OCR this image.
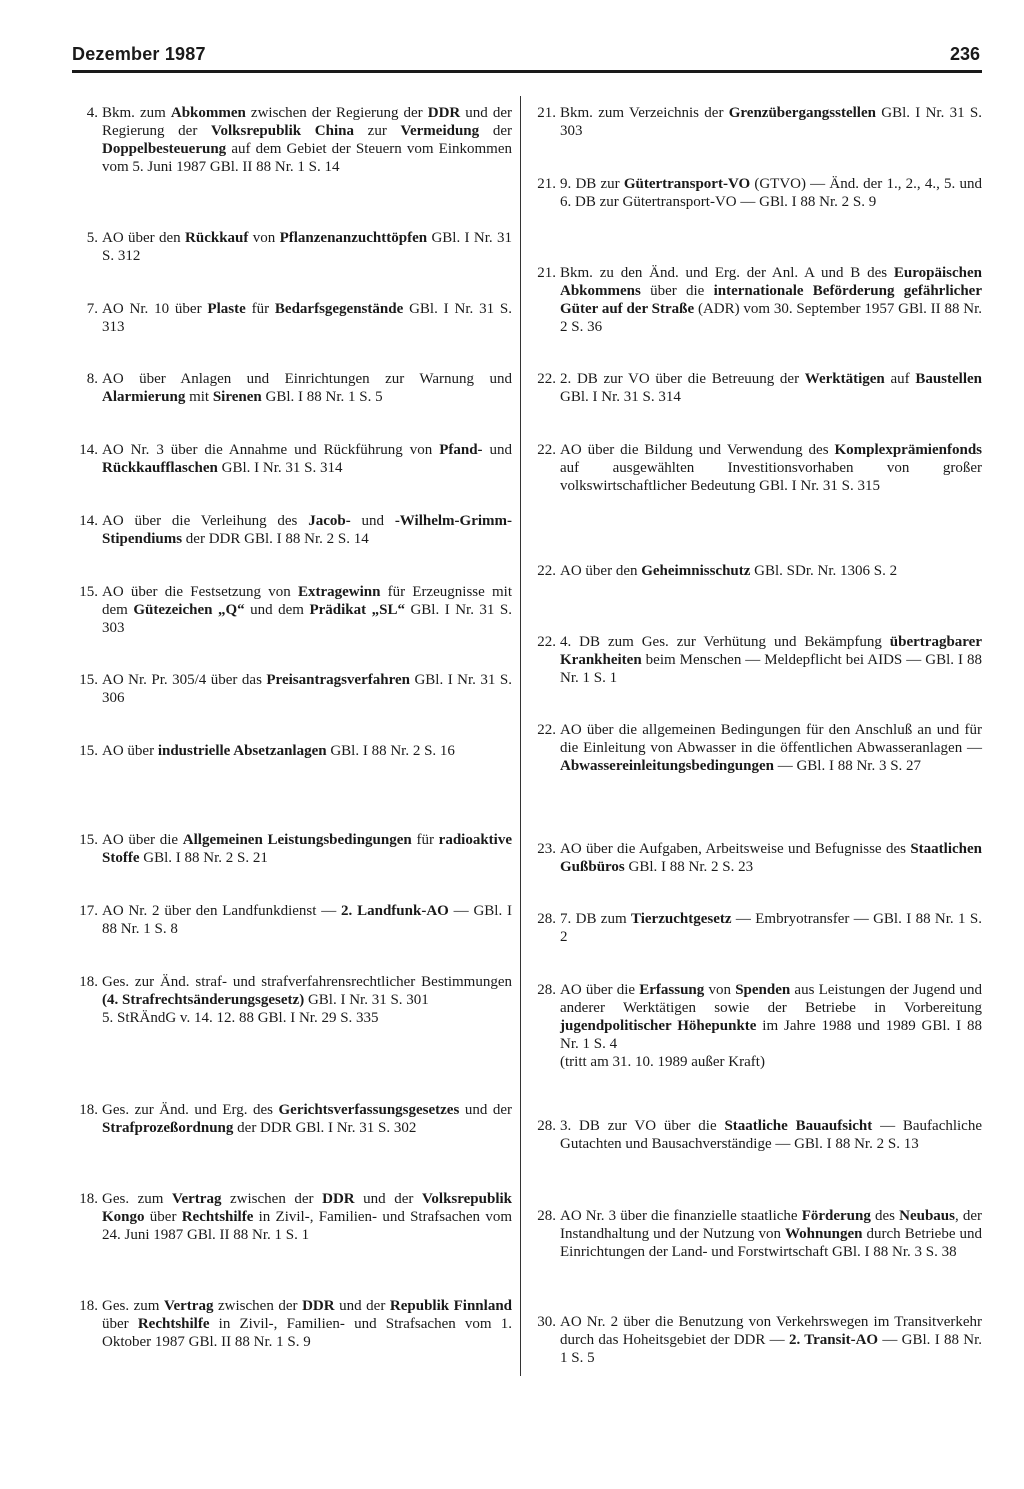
Dezember 1987	236
4. Bkm. zum Abkommen zwischen der Regierung der DDR und der Regierung der Volksrepublik China zur Vermeidung der Doppelbesteuerung auf dem Gebiet der Steuern vom Einkommen vom 5. Juni 1987 GBl. II 88 Nr. 1 S. 14
5. AO über den Rückkauf von Pflanzenanzuchttöpfen GBl. I Nr. 31 S. 312
7. AO Nr. 10 über Plaste für Bedarfsgegenstände GBl. I Nr. 31 S. 313
8. AO über Anlagen und Einrichtungen zur Warnung und Alarmierung mit Sirenen GBl. I 88 Nr. 1 S. 5
14. AO Nr. 3 über die Annahme und Rückführung von Pfand- und Rückkaufflaschen GBl. I Nr. 31 S. 314
14. AO über die Verleihung des Jacob- und -Wilhelm-Grimm-Stipendiums der DDR GBl. I 88 Nr. 2 S. 14
15. AO über die Festsetzung von Extragewinn für Erzeugnisse mit dem Gütezeichen „Q“ und dem Prädikat „SL“ GBl. I Nr. 31 S. 303
15. AO Nr. Pr. 305/4 über das Preisantragsverfahren GBl. I Nr. 31 S. 306
15. AO über industrielle Absetzanlagen GBl. I 88 Nr. 2 S. 16
15. AO über die Allgemeinen Leistungsbedingungen für radioaktive Stoffe GBl. I 88 Nr. 2 S. 21
17. AO Nr. 2 über den Landfunkdienst — 2. Landfunk-AO — GBl. I 88 Nr. 1 S. 8
18. Ges. zur Änd. straf- und strafverfahrensrechtlicher Bestimmungen (4. Strafrechtsänderungsgesetz) GBl. I Nr. 31 S. 301
5. StRÄndG v. 14. 12. 88 GBl. I Nr. 29 S. 335
18. Ges. zur Änd. und Erg. des Gerichtsverfassungsgesetzes und der Strafprozeßordnung der DDR GBl. I Nr. 31 S. 302
18. Ges. zum Vertrag zwischen der DDR und der Volksrepublik Kongo über Rechtshilfe in Zivil-, Familien- und Strafsachen vom 24. Juni 1987 GBl. II 88 Nr. 1 S. 1
18. Ges. zum Vertrag zwischen der DDR und der Republik Finnland über Rechtshilfe in Zivil-, Familien- und Strafsachen vom 1. Oktober 1987 GBl. II 88 Nr. 1 S. 9
21. Bkm. zum Verzeichnis der Grenzübergangsstellen GBl. I Nr. 31 S. 303
21. 9. DB zur Gütertransport-VO (GTVO) — Änd. der 1., 2., 4., 5. und 6. DB zur Gütertransport-VO — GBl. I 88 Nr. 2 S. 9
21. Bkm. zu den Änd. und Erg. der Anl. A und B des Europäischen Abkommens über die internationale Beförderung gefährlicher Güter auf der Straße (ADR) vom 30. September 1957 GBl. II 88 Nr. 2 S. 36
22. 2. DB zur VO über die Betreuung der Werktätigen auf Baustellen GBl. I Nr. 31 S. 314
22. AO über die Bildung und Verwendung des Komplexprämienfonds auf ausgewählten Investitionsvorhaben von großer volkswirtschaftlicher Bedeutung GBl. I Nr. 31 S. 315
22. AO über den Geheimnisschutz GBl. SDr. Nr. 1306 S. 2
22. 4. DB zum Ges. zur Verhütung und Bekämpfung übertragbarer Krankheiten beim Menschen — Meldepflicht bei AIDS — GBl. I 88 Nr. 1 S. 1
22. AO über die allgemeinen Bedingungen für den Anschluß an und für die Einleitung von Abwasser in die öffentlichen Abwasseranlagen — Abwassereinleitungsbedingungen — GBl. I 88 Nr. 3 S. 27
23. AO über die Aufgaben, Arbeitsweise und Befugnisse des Staatlichen Gußbüros GBl. I 88 Nr. 2 S. 23
28. 7. DB zum Tierzuchtgesetz — Embryotransfer — GBl. I 88 Nr. 1 S. 2
28. AO über die Erfassung von Spenden aus Leistungen der Jugend und anderer Werktätigen sowie der Betriebe in Vorbereitung jugendpolitischer Höhepunkte im Jahre 1988 und 1989 GBl. I 88 Nr. 1 S. 4
(tritt am 31. 10. 1989 außer Kraft)
28. 3. DB zur VO über die Staatliche Bauaufsicht — Baufachliche Gutachten und Bausachverständige — GBl. I 88 Nr. 2 S. 13
28. AO Nr. 3 über die finanzielle staatliche Förderung des Neubaus, der Instandhaltung und der Nutzung von Wohnungen durch Betriebe und Einrichtungen der Land- und Forstwirtschaft GBl. I 88 Nr. 3 S. 38
30. AO Nr. 2 über die Benutzung von Verkehrswegen im Transitverkehr durch das Hoheitsgebiet der DDR — 2. Transit-AO — GBl. I 88 Nr. 1 S. 5
